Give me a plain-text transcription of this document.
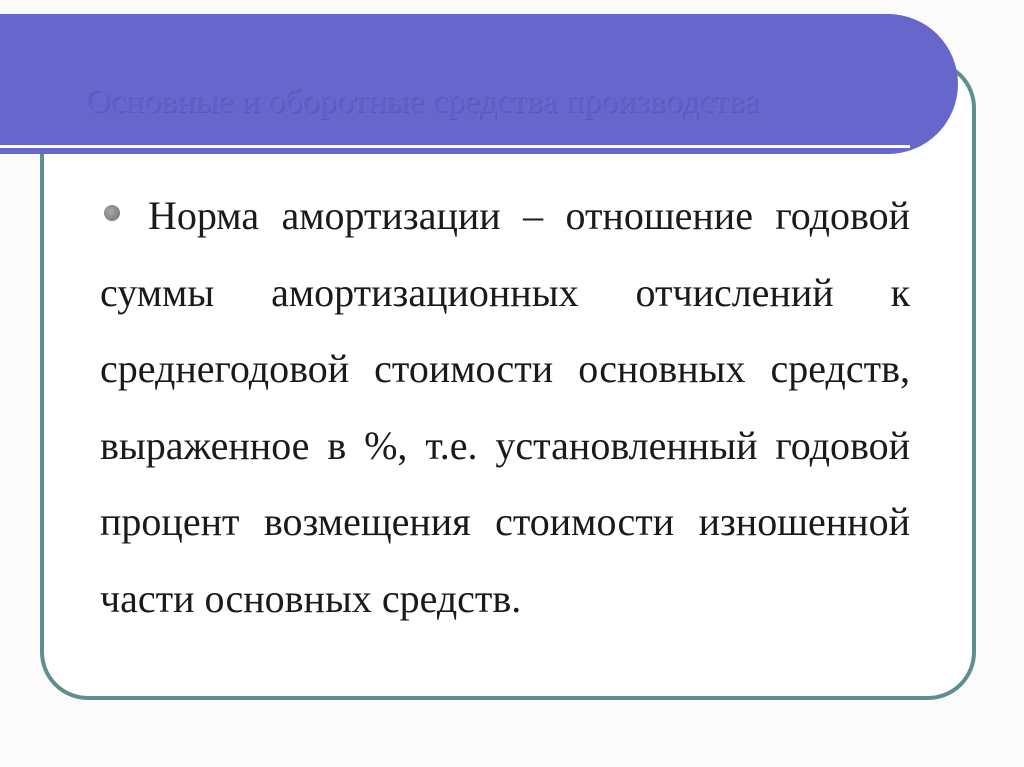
Основные и оборотные средства производства

Норма амортизации – отношение годовой суммы амортизационных отчислений к среднегодовой стоимости основных средств, выраженное в %, т.е. установленный годовой процент возмещения стоимости изношенной части основных средств.
